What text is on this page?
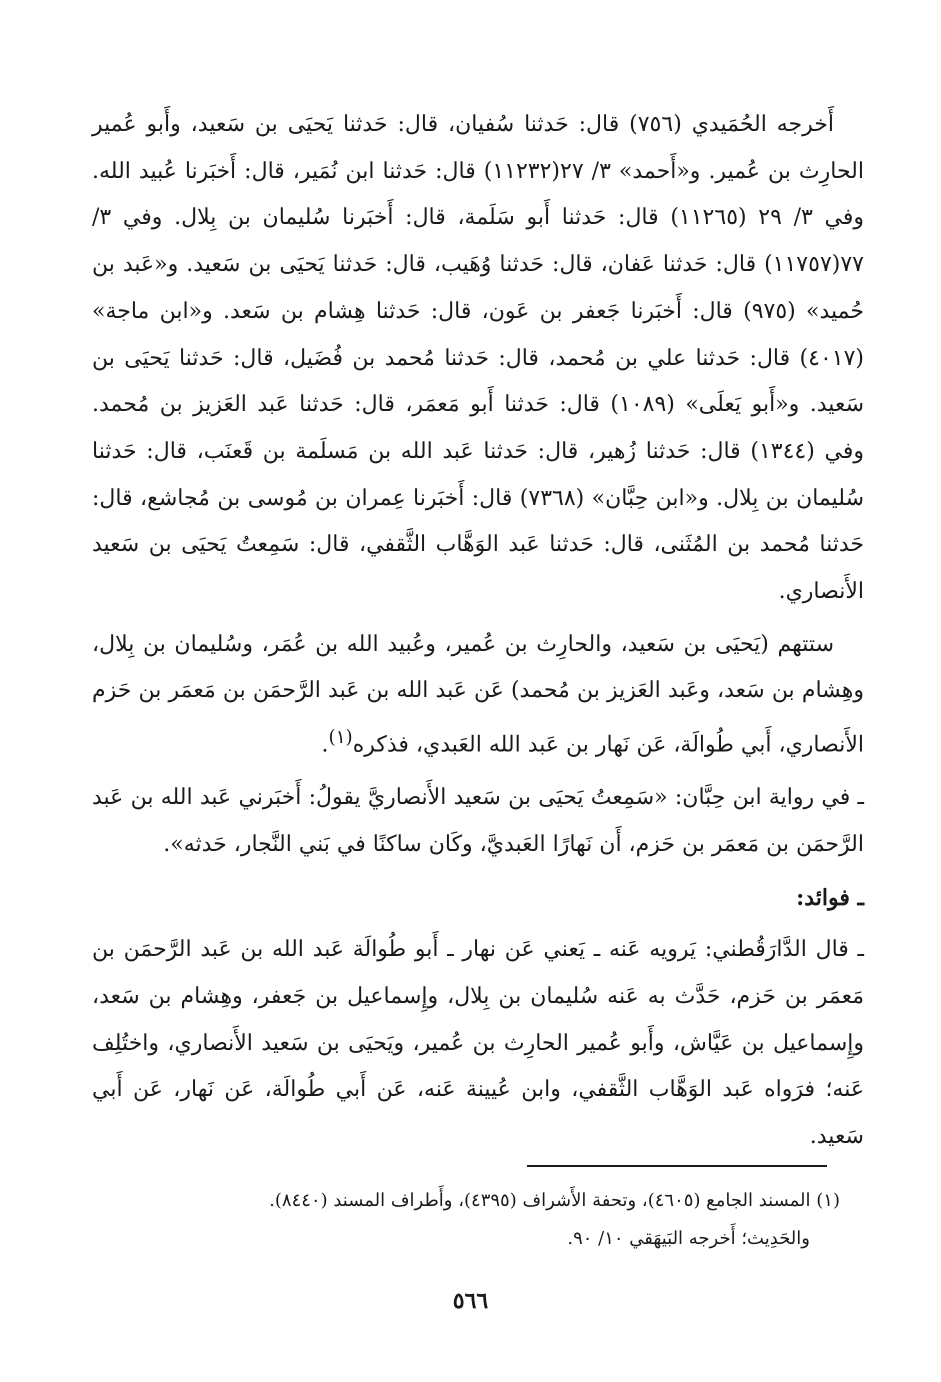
أَخرجه الحُمَيدي (٧٥٦) قال: حَدثنا سُفيان، قال: حَدثنا يَحيَى بن سَعيد، وأَبو عُمير الحارِث بن عُمير. و«أَحمد» ٣/ ٢٧(١١٢٣٢) قال: حَدثنا ابن نُمَير، قال: أَخبَرنا عُبيد الله. وفي ٣/ ٢٩ (١١٢٦٥) قال: حَدثنا أَبو سَلَمة، قال: أَخبَرنا سُليمان بن بِلال. وفي ٣/ ٧٧(١١٧٥٧) قال: حَدثنا عَفان، قال: حَدثنا وُهَيب، قال: حَدثنا يَحيَى بن سَعيد. و«عَبد بن حُميد» (٩٧٥) قال: أَخبَرنا جَعفر بن عَون، قال: حَدثنا هِشام بن سَعد. و«ابن ماجة» (٤٠١٧) قال: حَدثنا علي بن مُحمد، قال: حَدثنا مُحمد بن فُضَيل، قال: حَدثنا يَحيَى بن سَعيد. و«أَبو يَعلَى» (١٠٨٩) قال: حَدثنا أَبو مَعمَر، قال: حَدثنا عَبد العَزيز بن مُحمد. وفي (١٣٤٤) قال: حَدثنا زُهير، قال: حَدثنا عَبد الله بن مَسلَمة بن قَعنَب، قال: حَدثنا سُليمان بن بِلال. و«ابن حِبَّان» (٧٣٦٨) قال: أَخبَرنا عِمران بن مُوسى بن مُجاشع، قال: حَدثنا مُحمد بن المُثَنى، قال: حَدثنا عَبد الوَهَّاب الثَّقفي، قال: سَمِعتُ يَحيَى بن سَعيد الأَنصاري.

ستتهم (يَحيَى بن سَعيد، والحارِث بن عُمير، وعُبيد الله بن عُمَر، وسُليمان بن بِلال، وهِشام بن سَعد، وعَبد العَزيز بن مُحمد) عَن عَبد الله بن عَبد الرَّحمَن بن مَعمَر بن حَزم الأَنصاري، أَبي طُوالَة، عَن نَهار بن عَبد الله العَبدي، فذكره$^{(١)}$.

ـ في رواية ابن حِبَّان: «سَمِعتُ يَحيَى بن سَعيد الأَنصاريَّ يقولُ: أَخبَرني عَبد الله بن عَبد الرَّحمَن بن مَعمَر بن حَزم، أَن نَهارًا العَبديَّ، وكَان ساكنًا في بَني النَّجار، حَدثه».

ـ فوائد:

ـ قال الدَّارَقُطني: يَرويه عَنه ـ يَعني عَن نهار ـ أَبو طُوالَة عَبد الله بن عَبد الرَّحمَن بن مَعمَر بن حَزم، حَدَّث به عَنه سُليمان بن بِلال، وإِسماعيل بن جَعفر، وهِشام بن سَعد، وإِسماعيل بن عَيَّاش، وأَبو عُمير الحارِث بن عُمير، ويَحيَى بن سَعيد الأَنصاري، واختُلِف عَنه؛ فرَواه عَبد الوَهَّاب الثَّقفي، وابن عُيينة عَنه، عَن أَبي طُوالَة، عَن نَهار، عَن أَبي سَعيد.

(١) المسند الجامع (٤٦٠٥)، وتحفة الأَشراف (٤٣٩٥)، وأَطراف المسند (٨٤٤٠).

والحَدِيث؛ أَخرجه البَيهَقي ١٠/ ٩٠.

٥٦٦
